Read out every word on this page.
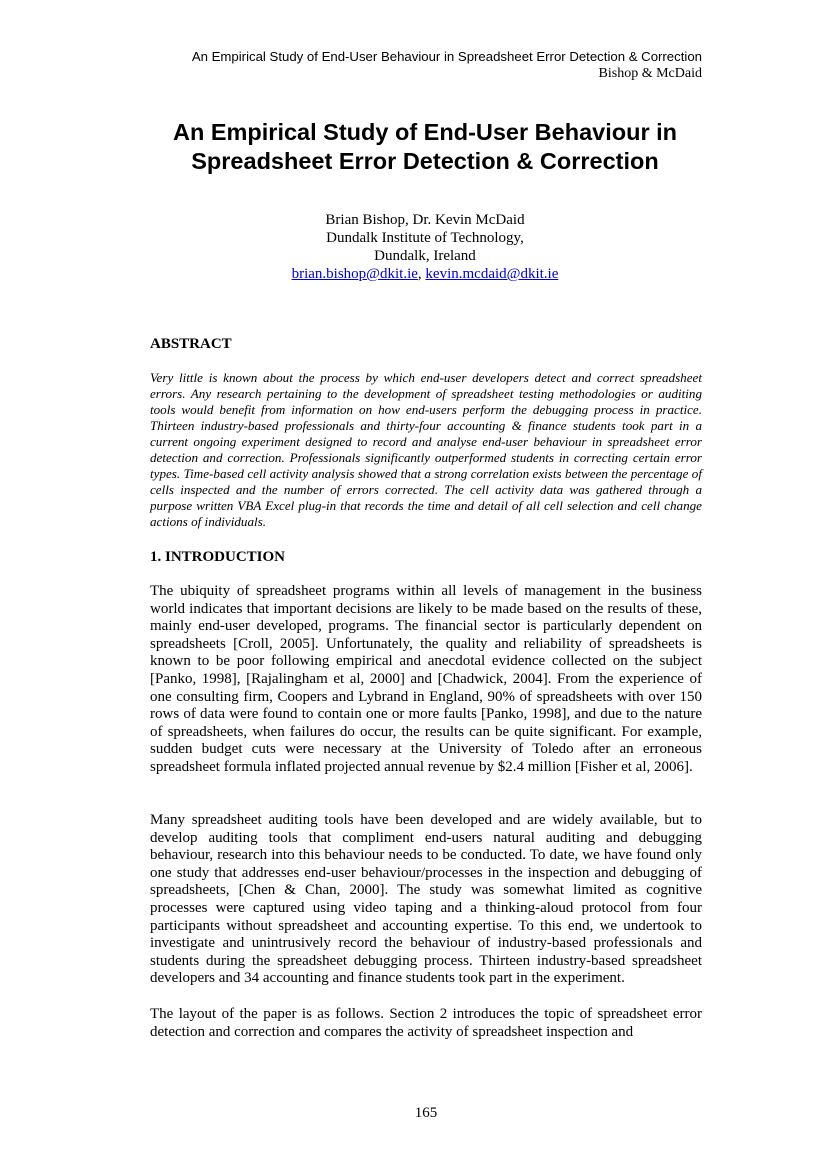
An Empirical Study of End-User Behaviour in Spreadsheet Error Detection & Correction
Bishop & McDaid
An Empirical Study of End-User Behaviour in
Spreadsheet Error Detection & Correction
Brian Bishop, Dr. Kevin McDaid
Dundalk Institute of Technology,
Dundalk, Ireland
brian.bishop@dkit.ie, kevin.mcdaid@dkit.ie
ABSTRACT

Very little is known about the process by which end-user developers detect and correct spreadsheet errors. Any research pertaining to the development of spreadsheet testing methodologies or auditing tools would benefit from information on how end-users perform the debugging process in practice. Thirteen industry-based professionals and thirty-four accounting & finance students took part in a current ongoing experiment designed to record and analyse end-user behaviour in spreadsheet error detection and correction. Professionals significantly outperformed students in correcting certain error types. Time-based cell activity analysis showed that a strong correlation exists between the percentage of cells inspected and the number of errors corrected. The cell activity data was gathered through a purpose written VBA Excel plug-in that records the time and detail of all cell selection and cell change actions of individuals.

1. INTRODUCTION

The ubiquity of spreadsheet programs within all levels of management in the business world indicates that important decisions are likely to be made based on the results of these, mainly end-user developed, programs. The financial sector is particularly dependent on spreadsheets [Croll, 2005]. Unfortunately, the quality and reliability of spreadsheets is known to be poor following empirical and anecdotal evidence collected on the subject [Panko, 1998], [Rajalingham et al, 2000] and [Chadwick, 2004]. From the experience of one consulting firm, Coopers and Lybrand in England, 90% of spreadsheets with over 150 rows of data were found to contain one or more faults [Panko, 1998], and due to the nature of spreadsheets, when failures do occur, the results can be quite significant. For example, sudden budget cuts were necessary at the University of Toledo after an erroneous spreadsheet formula inflated projected annual revenue by $2.4 million [Fisher et al, 2006].

Many spreadsheet auditing tools have been developed and are widely available, but to develop auditing tools that compliment end-users natural auditing and debugging behaviour, research into this behaviour needs to be conducted. To date, we have found only one study that addresses end-user behaviour/processes in the inspection and debugging of spreadsheets, [Chen & Chan, 2000]. The study was somewhat limited as cognitive processes were captured using video taping and a thinking-aloud protocol from four participants without spreadsheet and accounting expertise. To this end, we undertook to investigate and unintrusively record the behaviour of industry-based professionals and students during the spreadsheet debugging process. Thirteen industry-based spreadsheet developers and 34 accounting and finance students took part in the experiment.

The layout of the paper is as follows. Section 2 introduces the topic of spreadsheet error detection and correction and compares the activity of spreadsheet inspection and

165
